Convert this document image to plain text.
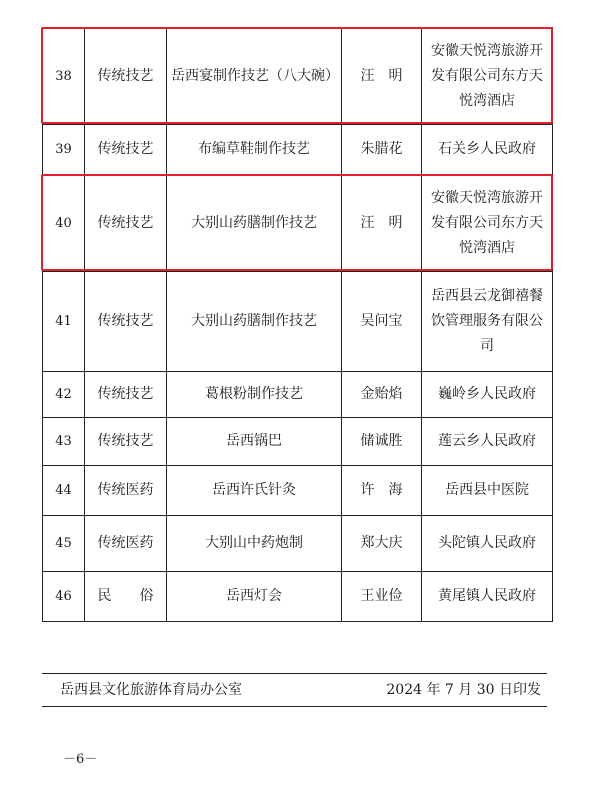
38	传统技艺	岳西宴制作技艺（八大碗）	汪　明	安徽天悦湾旅游开
发有限公司东方天
悦湾酒店

39	传统技艺	布编草鞋制作技艺	朱腊花	石关乡人民政府

40	传统技艺	大别山药膳制作技艺	汪　明	安徽天悦湾旅游开
发有限公司东方天
悦湾酒店

41	传统技艺	大别山药膳制作技艺	吴问宝	岳西县云龙御禧餐
饮管理服务有限公
司

42	传统技艺	葛根粉制作技艺	金贻焰	巍岭乡人民政府

43	传统技艺	岳西锅巴	储诚胜	莲云乡人民政府

44	传统医药	岳西许氏针灸	许　海	岳西县中医院

45	传统医药	大别山中药炮制	郑大庆	头陀镇人民政府

46	民　　俗	岳西灯会	王业俭	黄尾镇人民政府
岳西县文化旅游体育局办公室	2024 年 7 月 30 日印发
－6－
